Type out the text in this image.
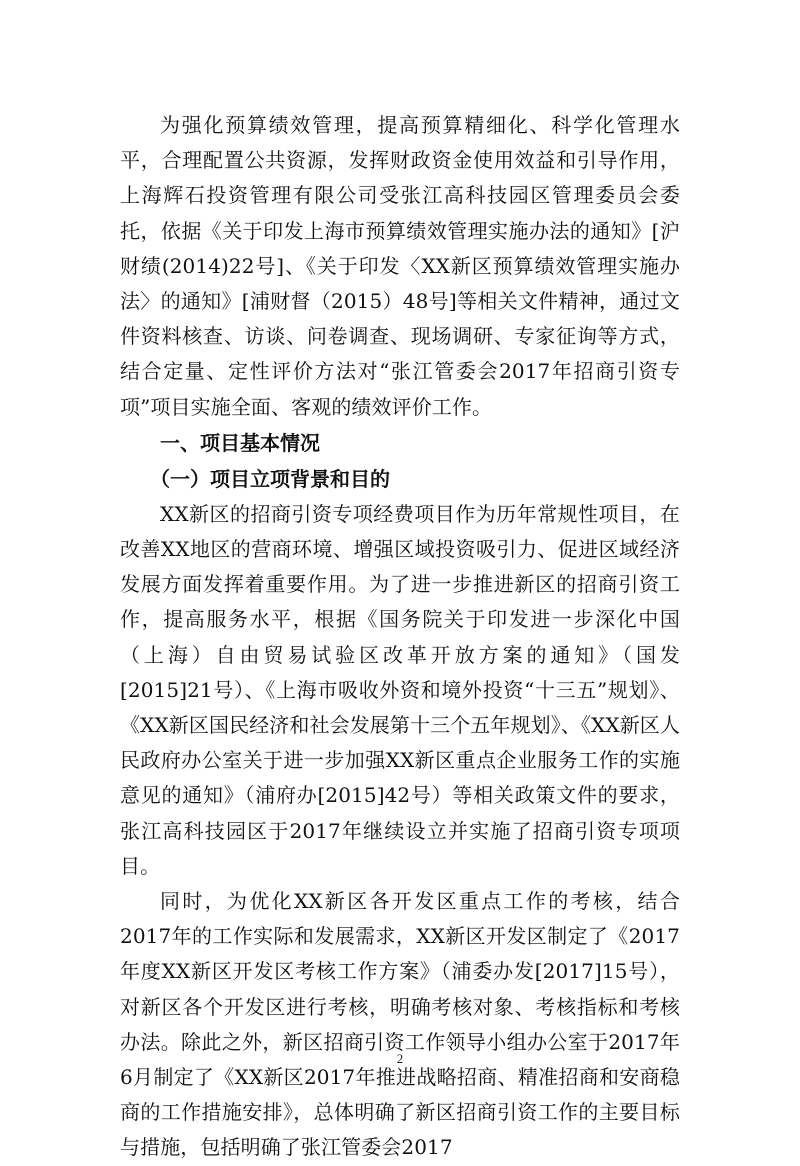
为强化预算绩效管理，提高预算精细化、科学化管理水平，合理配置公共资源，发挥财政资金使用效益和引导作用，上海辉石投资管理有限公司受张江高科技园区管理委员会委托，依据《关于印发上海市预算绩效管理实施办法的通知》[沪财绩(2014)22号]、《关于印发〈XX新区预算绩效管理实施办法〉的通知》[浦财督（2015）48号]等相关文件精神，通过文件资料核查、访谈、问卷调查、现场调研、专家征询等方式，结合定量、定性评价方法对“张江管委会2017年招商引资专项”项目实施全面、客观的绩效评价工作。

一、项目基本情况
（一）项目立项背景和目的

XX新区的招商引资专项经费项目作为历年常规性项目，在改善XX地区的营商环境、增强区域投资吸引力、促进区域经济发展方面发挥着重要作用。为了进一步推进新区的招商引资工作，提高服务水平，根据《国务院关于印发进一步深化中国（上海）自由贸易试验区改革开放方案的通知》（国发[2015]21号）、《上海市吸收外资和境外投资“十三五”规划》、《XX新区国民经济和社会发展第十三个五年规划》、《XX新区人民政府办公室关于进一步加强XX新区重点企业服务工作的实施意见的通知》（浦府办[2015]42号）等相关政策文件的要求，张江高科技园区于2017年继续设立并实施了招商引资专项项目。

同时，为优化XX新区各开发区重点工作的考核，结合2017年的工作实际和发展需求，XX新区开发区制定了《2017年度XX新区开发区考核工作方案》（浦委办发[2017]15号），对新区各个开发区进行考核，明确考核对象、考核指标和考核办法。除此之外，新区招商引资工作领导小组办公室于2017年6月制定了《XX新区2017年推进战略招商、精准招商和安商稳商的工作措施安排》，总体明确了新区招商引资工作的主要目标与措施，包括明确了张江管委会2017

2
